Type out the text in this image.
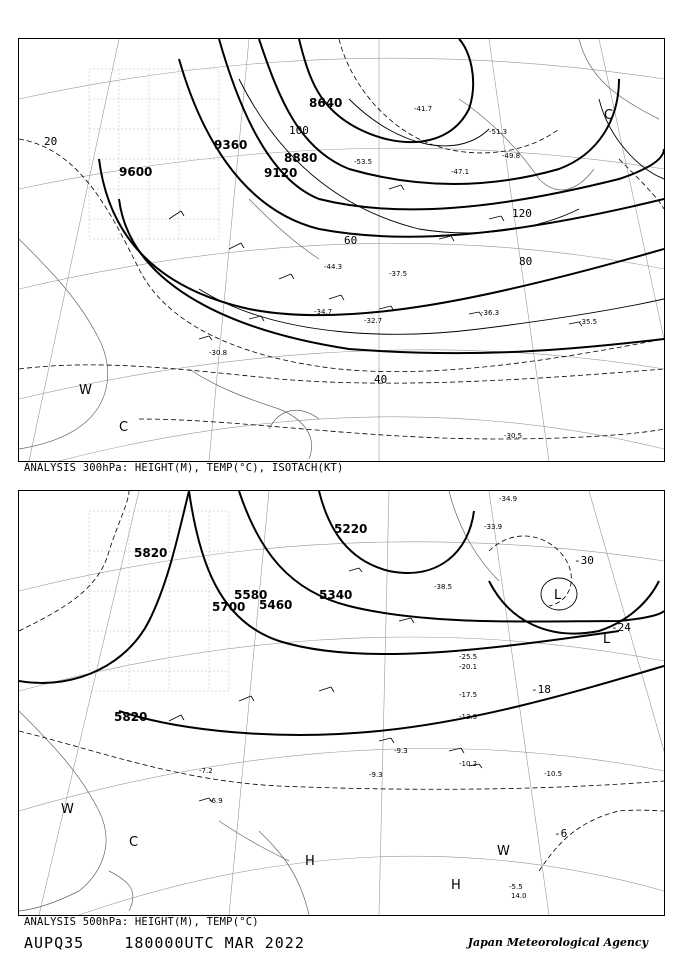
8640
9360
9120
8880
9600
20
40
60
80
120
100
-36.3
-35.5
-30.5
-32.7
-34.7
-30.8
-41.7
-49.8
-51.3
-53.5
-47.1
-44.3
-37.5
C
C
W
ANALYSIS 300hPa: HEIGHT(M), TEMP(°C), ISOTACH(KT)
5820
5700
5580
5820
5220
5460
5340
-30
-24
-18
-6
-10.2
-10.5
-9.3
-9.3
-5.5
14.0
-13.9
-17.5
-20.1
-25.5
-38.5
-34.9
-33.9
-6.9
-7.2
L
L
H
H
W
W
C
ANALYSIS 500hPa: HEIGHT(M), TEMP(°C)
AUPQ35	180000UTC MAR 2022	Japan Meteorological Agency
